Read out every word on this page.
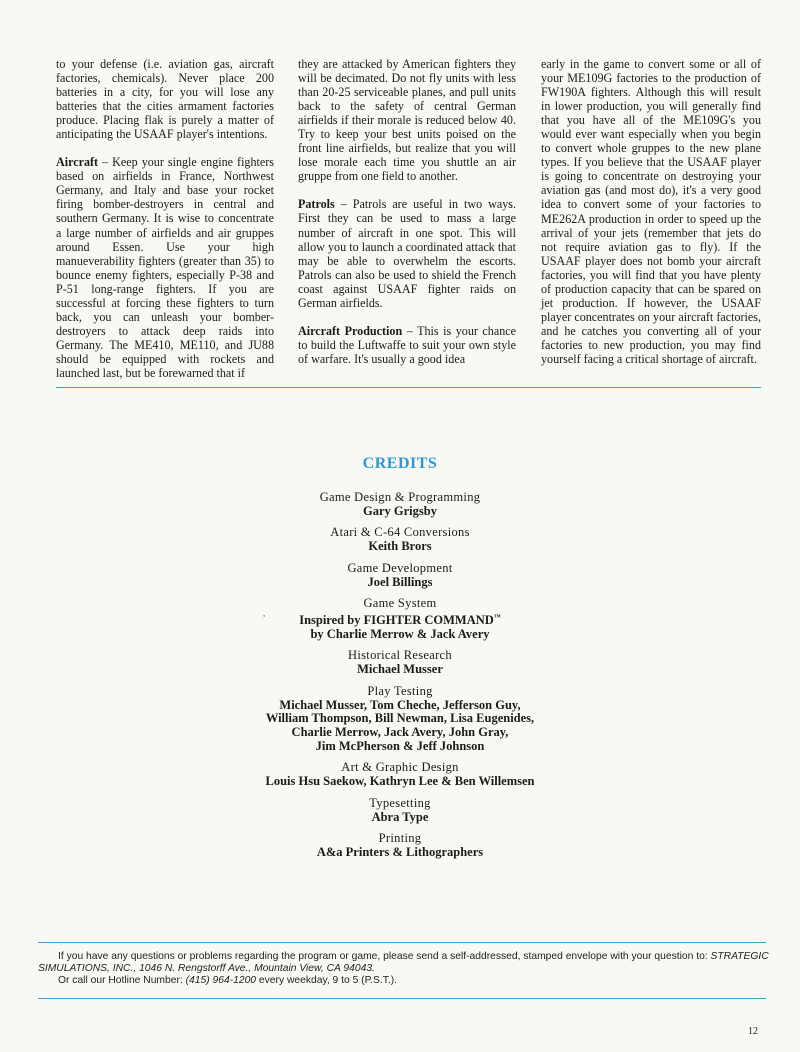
to your defense (i.e. aviation gas, aircraft factories, chemicals). Never place 200 batteries in a city, for you will lose any batteries that the cities armament factories produce. Placing flak is purely a matter of anticipating the USAAF player's intentions.

Aircraft – Keep your single engine fighters based on airfields in France, Northwest Germany, and Italy and base your rocket firing bomber-destroyers in central and southern Germany. It is wise to concentrate a large number of airfields and air gruppes around Essen. Use your high manueverability fighters (greater than 35) to bounce enemy fighters, especially P-38 and P-51 long-range fighters. If you are successful at forcing these fighters to turn back, you can unleash your bomber-destroyers to attack deep raids into Germany. The ME410, ME110, and JU88 should be equipped with rockets and launched last, but be forewarned that if

they are attacked by American fighters they will be decimated. Do not fly units with less than 20-25 serviceable planes, and pull units back to the safety of central German airfields if their morale is reduced below 40. Try to keep your best units poised on the front line airfields, but realize that you will lose morale each time you shuttle an air gruppe from one field to another.

Patrols – Patrols are useful in two ways. First they can be used to mass a large number of aircraft in one spot. This will allow you to launch a coordinated attack that may be able to overwhelm the escorts. Patrols can also be used to shield the French coast against USAAF fighter raids on German airfields.

Aircraft Production – This is your chance to build the Luftwaffe to suit your own style of warfare. It's usually a good idea

early in the game to convert some or all of your ME109G factories to the production of FW190A fighters. Although this will result in lower production, you will generally find that you have all of the ME109G's you would ever want especially when you begin to convert whole gruppes to the new plane types. If you believe that the USAAF player is going to concentrate on destroying your aviation gas (and most do), it's a very good idea to convert some of your factories to ME262A production in order to speed up the arrival of your jets (remember that jets do not require aviation gas to fly). If the USAAF player does not bomb your aircraft factories, you will find that you have plenty of production capacity that can be spared on jet production. If however, the USAAF player concentrates on your aircraft factories, and he catches you converting all of your factories to new production, you may find yourself facing a critical shortage of aircraft.

,
CREDITS
Game Design & Programming
Gary Grigsby
Atari & C-64 Conversions
Keith Brors
Game Development
Joel Billings
Game System
Inspired by FIGHTER COMMAND™
by Charlie Merrow & Jack Avery
Historical Research
Michael Musser
Play Testing
Michael Musser, Tom Cheche, Jefferson Guy,
William Thompson, Bill Newman, Lisa Eugenides,
Charlie Merrow, Jack Avery, John Gray,
Jim McPherson & Jeff Johnson
Art & Graphic Design
Louis Hsu Saekow, Kathryn Lee & Ben Willemsen
Typesetting
Abra Type
Printing
A&a Printers & Lithographers
If you have any questions or problems regarding the program or game, please send a self-addressed, stamped envelope with your question to: STRATEGIC SIMULATIONS, INC., 1046 N. Rengstorff Ave., Mountain View, CA 94043.
Or call our Hotline Number: (415) 964-1200 every weekday, 9 to 5 (P.S.T.).
12
